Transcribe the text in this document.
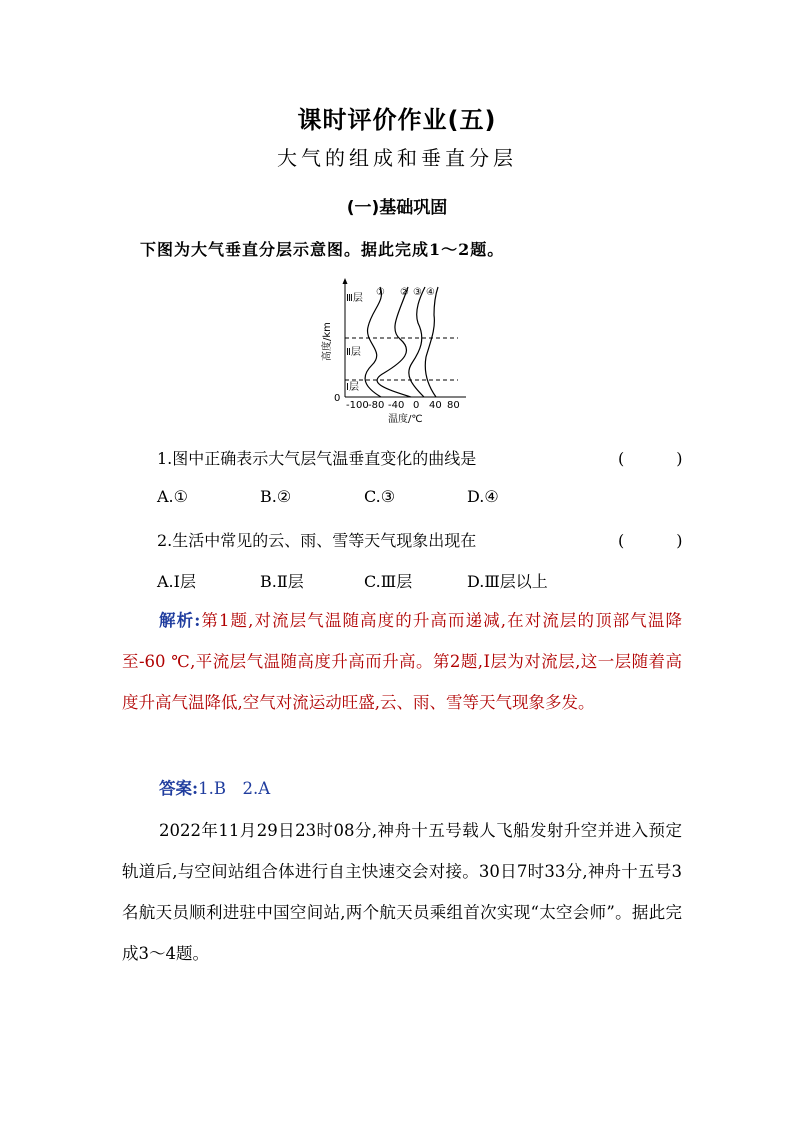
课时评价作业(五)
大气的组成和垂直分层
(一)基础巩固
下图为大气垂直分层示意图。据此完成1～2题。
Ⅲ层
Ⅱ层
Ⅰ层
① ② ③ ④
0
-100 -80 -40 0 40 80
温度/℃
高度/km
1.图中正确表示大气层气温垂直变化的曲线是	(　)
A.①	B.②	C.③	D.④
2.生活中常见的云、雨、雪等天气现象出现在	(　)
A.Ⅰ层	B.Ⅱ层	C.Ⅲ层	D.Ⅲ层以上
解析:第1题,对流层气温随高度的升高而递减,在对流层的顶部气温降至-60 ℃,平流层气温随高度升高而升高。第2题,Ⅰ层为对流层,这一层随着高度升高气温降低,空气对流运动旺盛,云、雨、雪等天气现象多发。
答案:1.B　2.A
2022年11月29日23时08分,神舟十五号载人飞船发射升空并进入预定轨道后,与空间站组合体进行自主快速交会对接。30日7时33分,神舟十五号3名航天员顺利进驻中国空间站,两个航天员乘组首次实现“太空会师”。据此完成3～4题。
